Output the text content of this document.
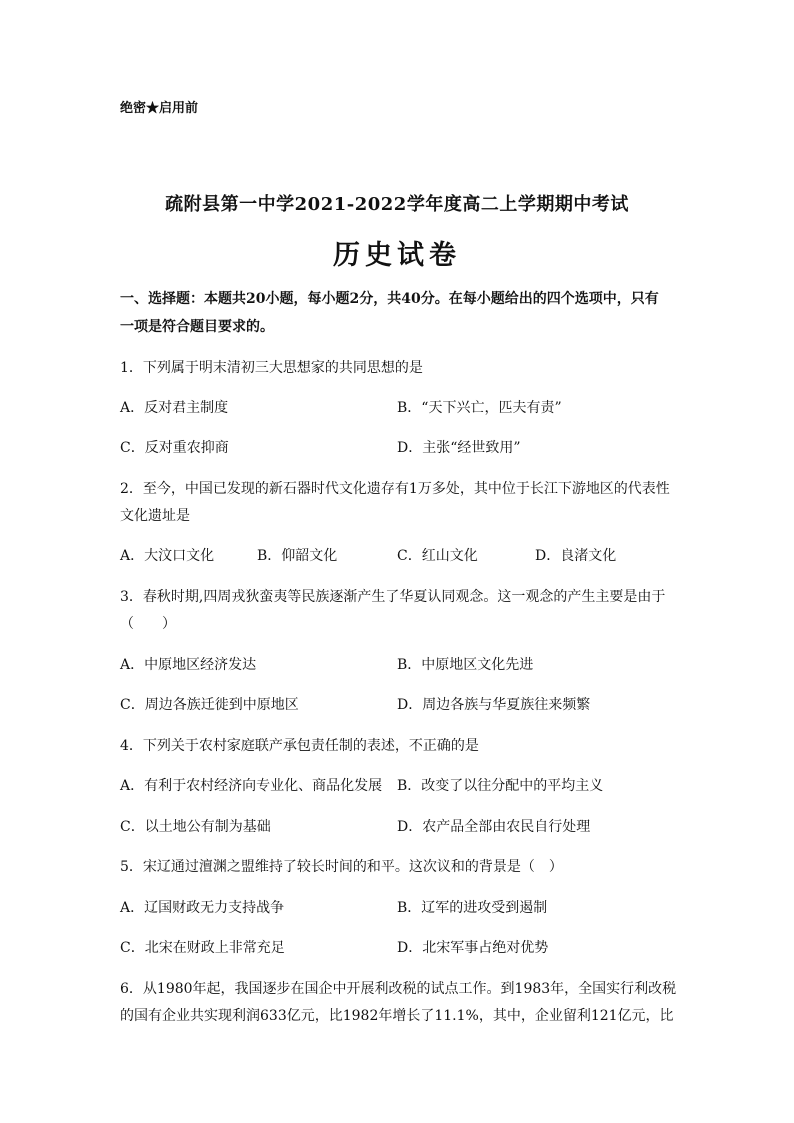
绝密★启用前
疏附县第一中学2021-2022学年度高二上学期期中考试
历史试卷
一、选择题：本题共20小题，每小题2分，共40分。在每小题给出的四个选项中，只有
一项是符合题目要求的。
1．下列属于明末清初三大思想家的共同思想的是
A．反对君主制度	B．“天下兴亡，匹夫有责”
C．反对重农抑商	D．主张“经世致用”
2．至今，中国已发现的新石器时代文化遗存有1万多处，其中位于长江下游地区的代表性
文化遗址是
A．大汶口文化	B．仰韶文化	C．红山文化	D．良渚文化
3．春秋时期,四周戎狄蛮夷等民族逐渐产生了华夏认同观念。这一观念的产生主要是由于
（　　）
A．中原地区经济发达	B．中原地区文化先进
C．周边各族迁徙到中原地区	D．周边各族与华夏族往来频繁
4．下列关于农村家庭联产承包责任制的表述，不正确的是
A．有利于农村经济向专业化、商品化发展 B．改变了以往分配中的平均主义
C．以土地公有制为基础	D．农产品全部由农民自行处理
5．宋辽通过澶渊之盟维持了较长时间的和平。这次议和的背景是（　）
A．辽国财政无力支持战争	B．辽军的进攻受到遏制
C．北宋在财政上非常充足	D．北宋军事占绝对优势
6．从1980年起，我国逐步在国企中开展利改税的试点工作。到1983年，全国实行利改税
的国有企业共实现利润633亿元，比1982年增长了11.1%，其中，企业留利121亿元，比
